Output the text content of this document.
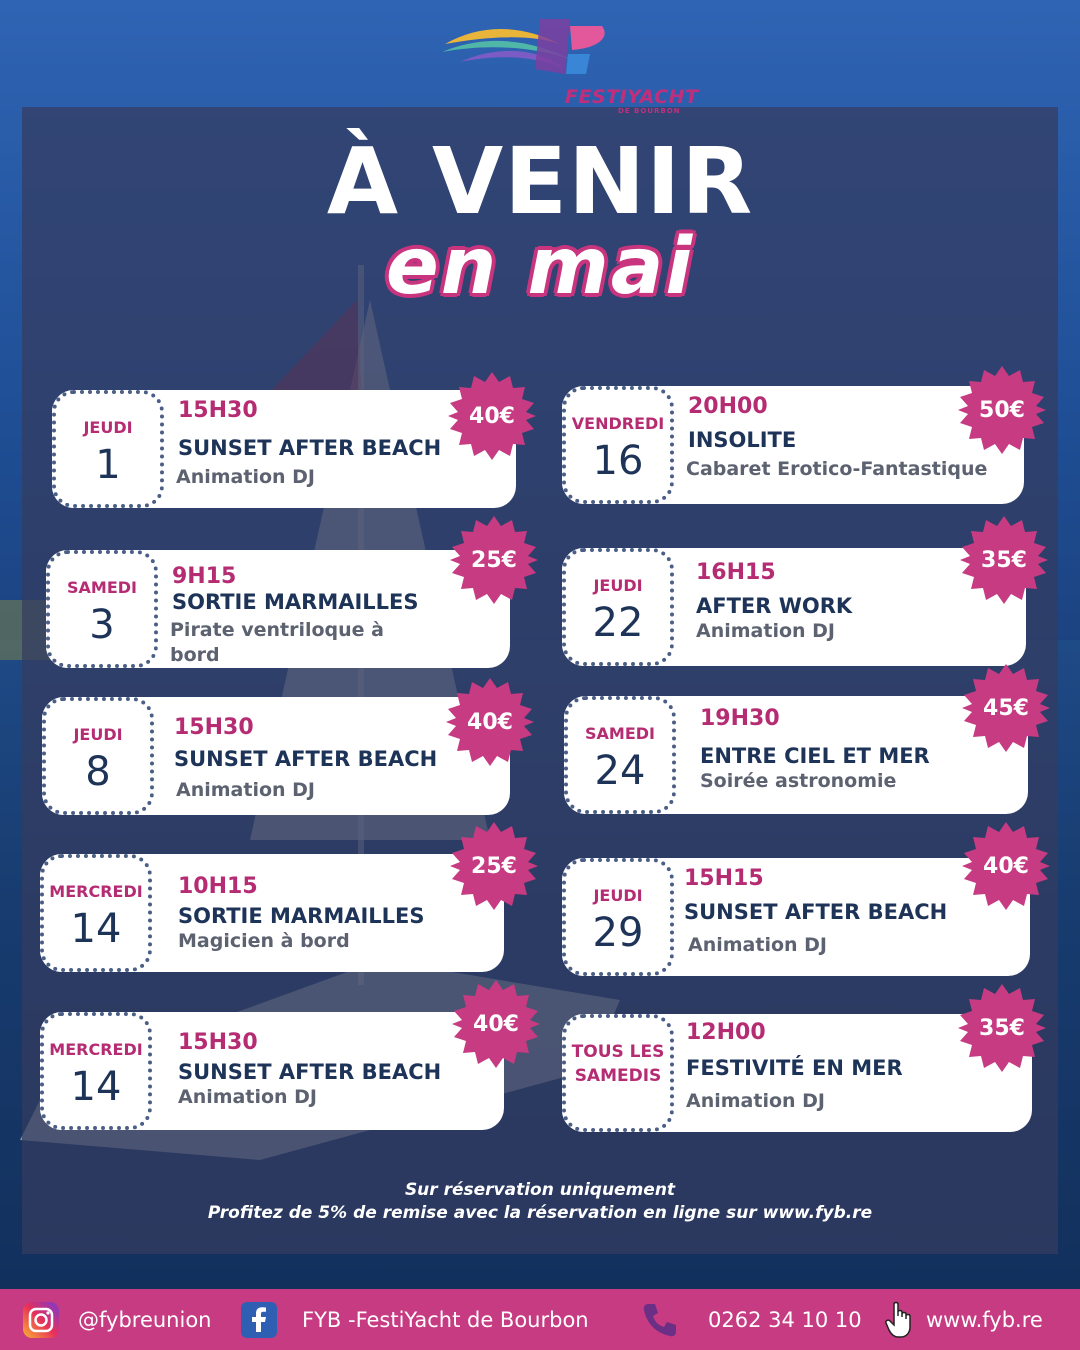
FESTIYACHT
DE BOURBON
À VENIR
en mai
JEUDI
1
15H30
SUNSET AFTER BEACH
Animation DJ
40€
SAMEDI
3
9H15
SORTIE MARMAILLES
Pirate ventriloque à bord
25€
JEUDI
8
15H30
SUNSET AFTER BEACH
Animation DJ
40€
MERCREDI
14
10H15
SORTIE MARMAILLES
Magicien à bord
25€
MERCREDI
14
15H30
SUNSET AFTER BEACH
Animation DJ
40€
VENDREDI
16
20H00
INSOLITE
Cabaret Erotico-Fantastique
50€
JEUDI
22
16H15
AFTER WORK
Animation DJ
35€
SAMEDI
24
19H30
ENTRE CIEL ET MER
Soirée astronomie
45€
JEUDI
29
15H15
SUNSET AFTER BEACH
Animation DJ
40€
TOUS LES SAMEDIS
12H00
FESTIVITÉ EN MER
Animation DJ
35€
Sur réservation uniquement
Profitez de 5% de remise avec la réservation en ligne sur www.fyb.re
@fybreunion	FYB -FestiYacht de Bourbon	0262 34 10 10	www.fyb.re
